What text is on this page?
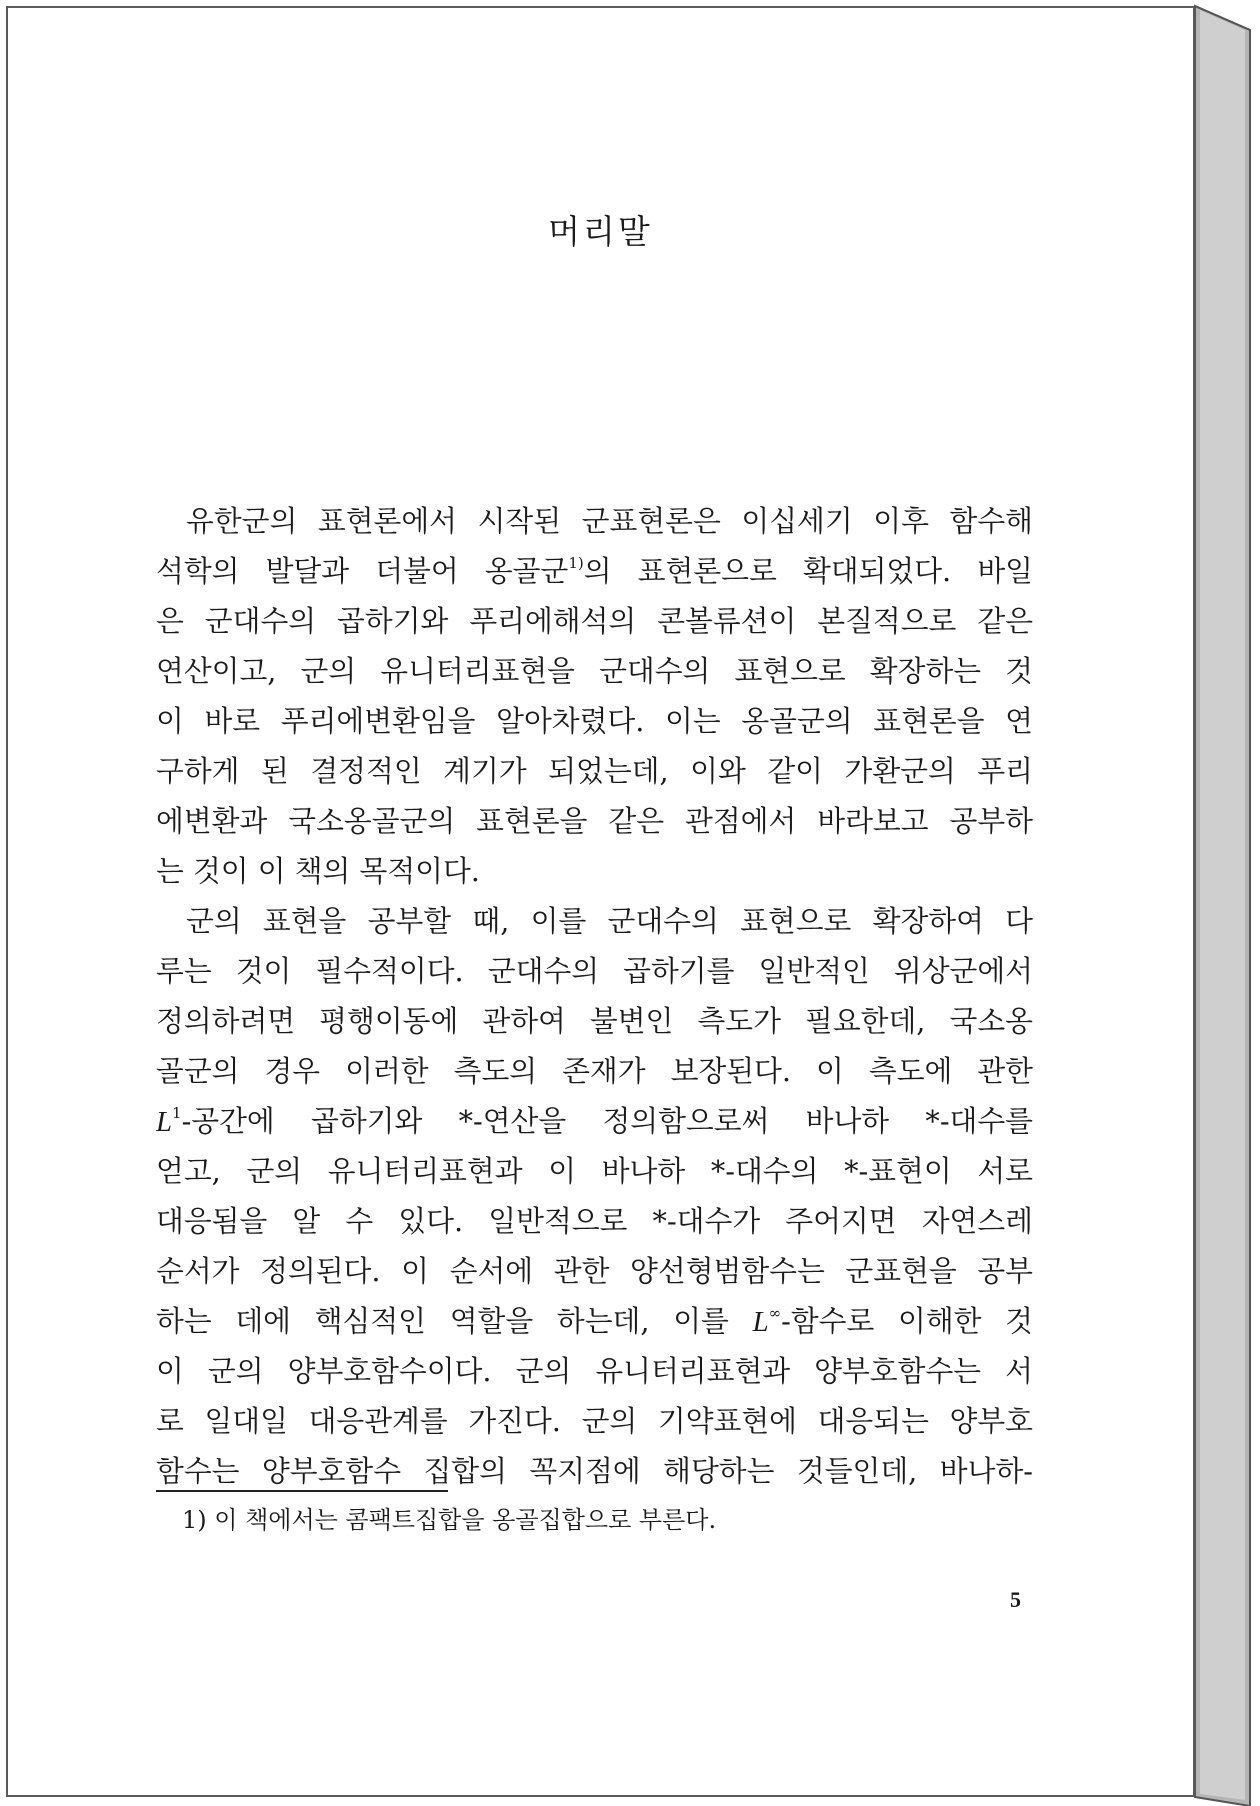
머리말
유한군의 표현론에서 시작된 군표현론은 이십세기 이후 함수해
석학의 발달과 더불어 옹골군$^{1)}$의 표현론으로 확대되었다. 바일
은 군대수의 곱하기와 푸리에해석의 콘볼류션이 본질적으로 같은
연산이고, 군의 유니터리표현을 군대수의 표현으로 확장하는 것
이 바로 푸리에변환임을 알아차렸다. 이는 옹골군의 표현론을 연
구하게 된 결정적인 계기가 되었는데, 이와 같이 가환군의 푸리
에변환과 국소옹골군의 표현론을 같은 관점에서 바라보고 공부하
는 것이 이 책의 목적이다.
군의 표현을 공부할 때, 이를 군대수의 표현으로 확장하여 다
루는 것이 필수적이다. 군대수의 곱하기를 일반적인 위상군에서
정의하려면 평행이동에 관하여 불변인 측도가 필요한데, 국소옹
골군의 경우 이러한 측도의 존재가 보장된다. 이 측도에 관한
$L^1-$공간에 곱하기와 *-연산을 정의함으로써 바나하 *-대수를
얻고, 군의 유니터리표현과 이 바나하 *-대수의 *-표현이 서로
대응됨을 알 수 있다. 일반적으로 *-대수가 주어지면 자연스레
순서가 정의된다. 이 순서에 관한 양선형범함수는 군표현을 공부
하는 데에 핵심적인 역할을 하는데, 이를 L∞-함수로 이해한 것
이 군의 양부호함수이다. 군의 유니터리표현과 양부호함수는 서
로 일대일 대응관계를 가진다. 군의 기약표현에 대응되는 양부호
함수는 양부호함수 집합의 꼭지점에 해당하는 것들인데, 바나하-
1) 이 책에서는 콤팩트집합을 옹골집합으로 부른다.
5
